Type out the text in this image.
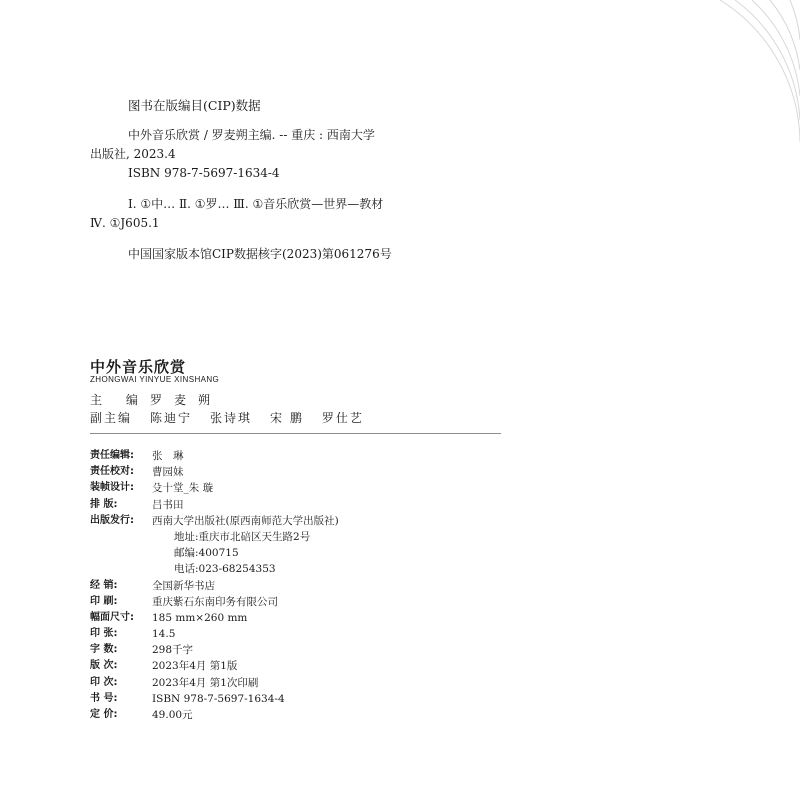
图书在版编目(CIP)数据
中外音乐欣赏 / 罗麦朔主编. -- 重庆 : 西南大学
出版社, 2023.4
ISBN 978-7-5697-1634-4
Ⅰ. ①中… Ⅱ. ①罗… Ⅲ. ①音乐欣赏—世界—教材
Ⅳ. ①J605.1
中国国家版本馆CIP数据核字(2023)第061276号
中外音乐欣赏
ZHONGWAI YINYUE XINSHANG
主 编 罗麦朔
副主编 陈迪宁 张诗琪 宋 鹏 罗仕艺
责任编辑:	张　琳
责任校对:	曹园妹
装帧设计:	殳十堂_朱 璇
排 版:	吕书田
出版发行:	西南大学出版社(原西南师范大学出版社)
地址:重庆市北碚区天生路2号
邮编:400715
电话:023-68254353
经 销:	全国新华书店
印 刷:	重庆紫石东南印务有限公司
幅面尺寸:	185 mm×260 mm
印 张:	14.5
字 数:	298千字
版 次:	2023年4月 第1版
印 次:	2023年4月 第1次印刷
书 号:	ISBN 978-7-5697-1634-4
定 价:	49.00元
